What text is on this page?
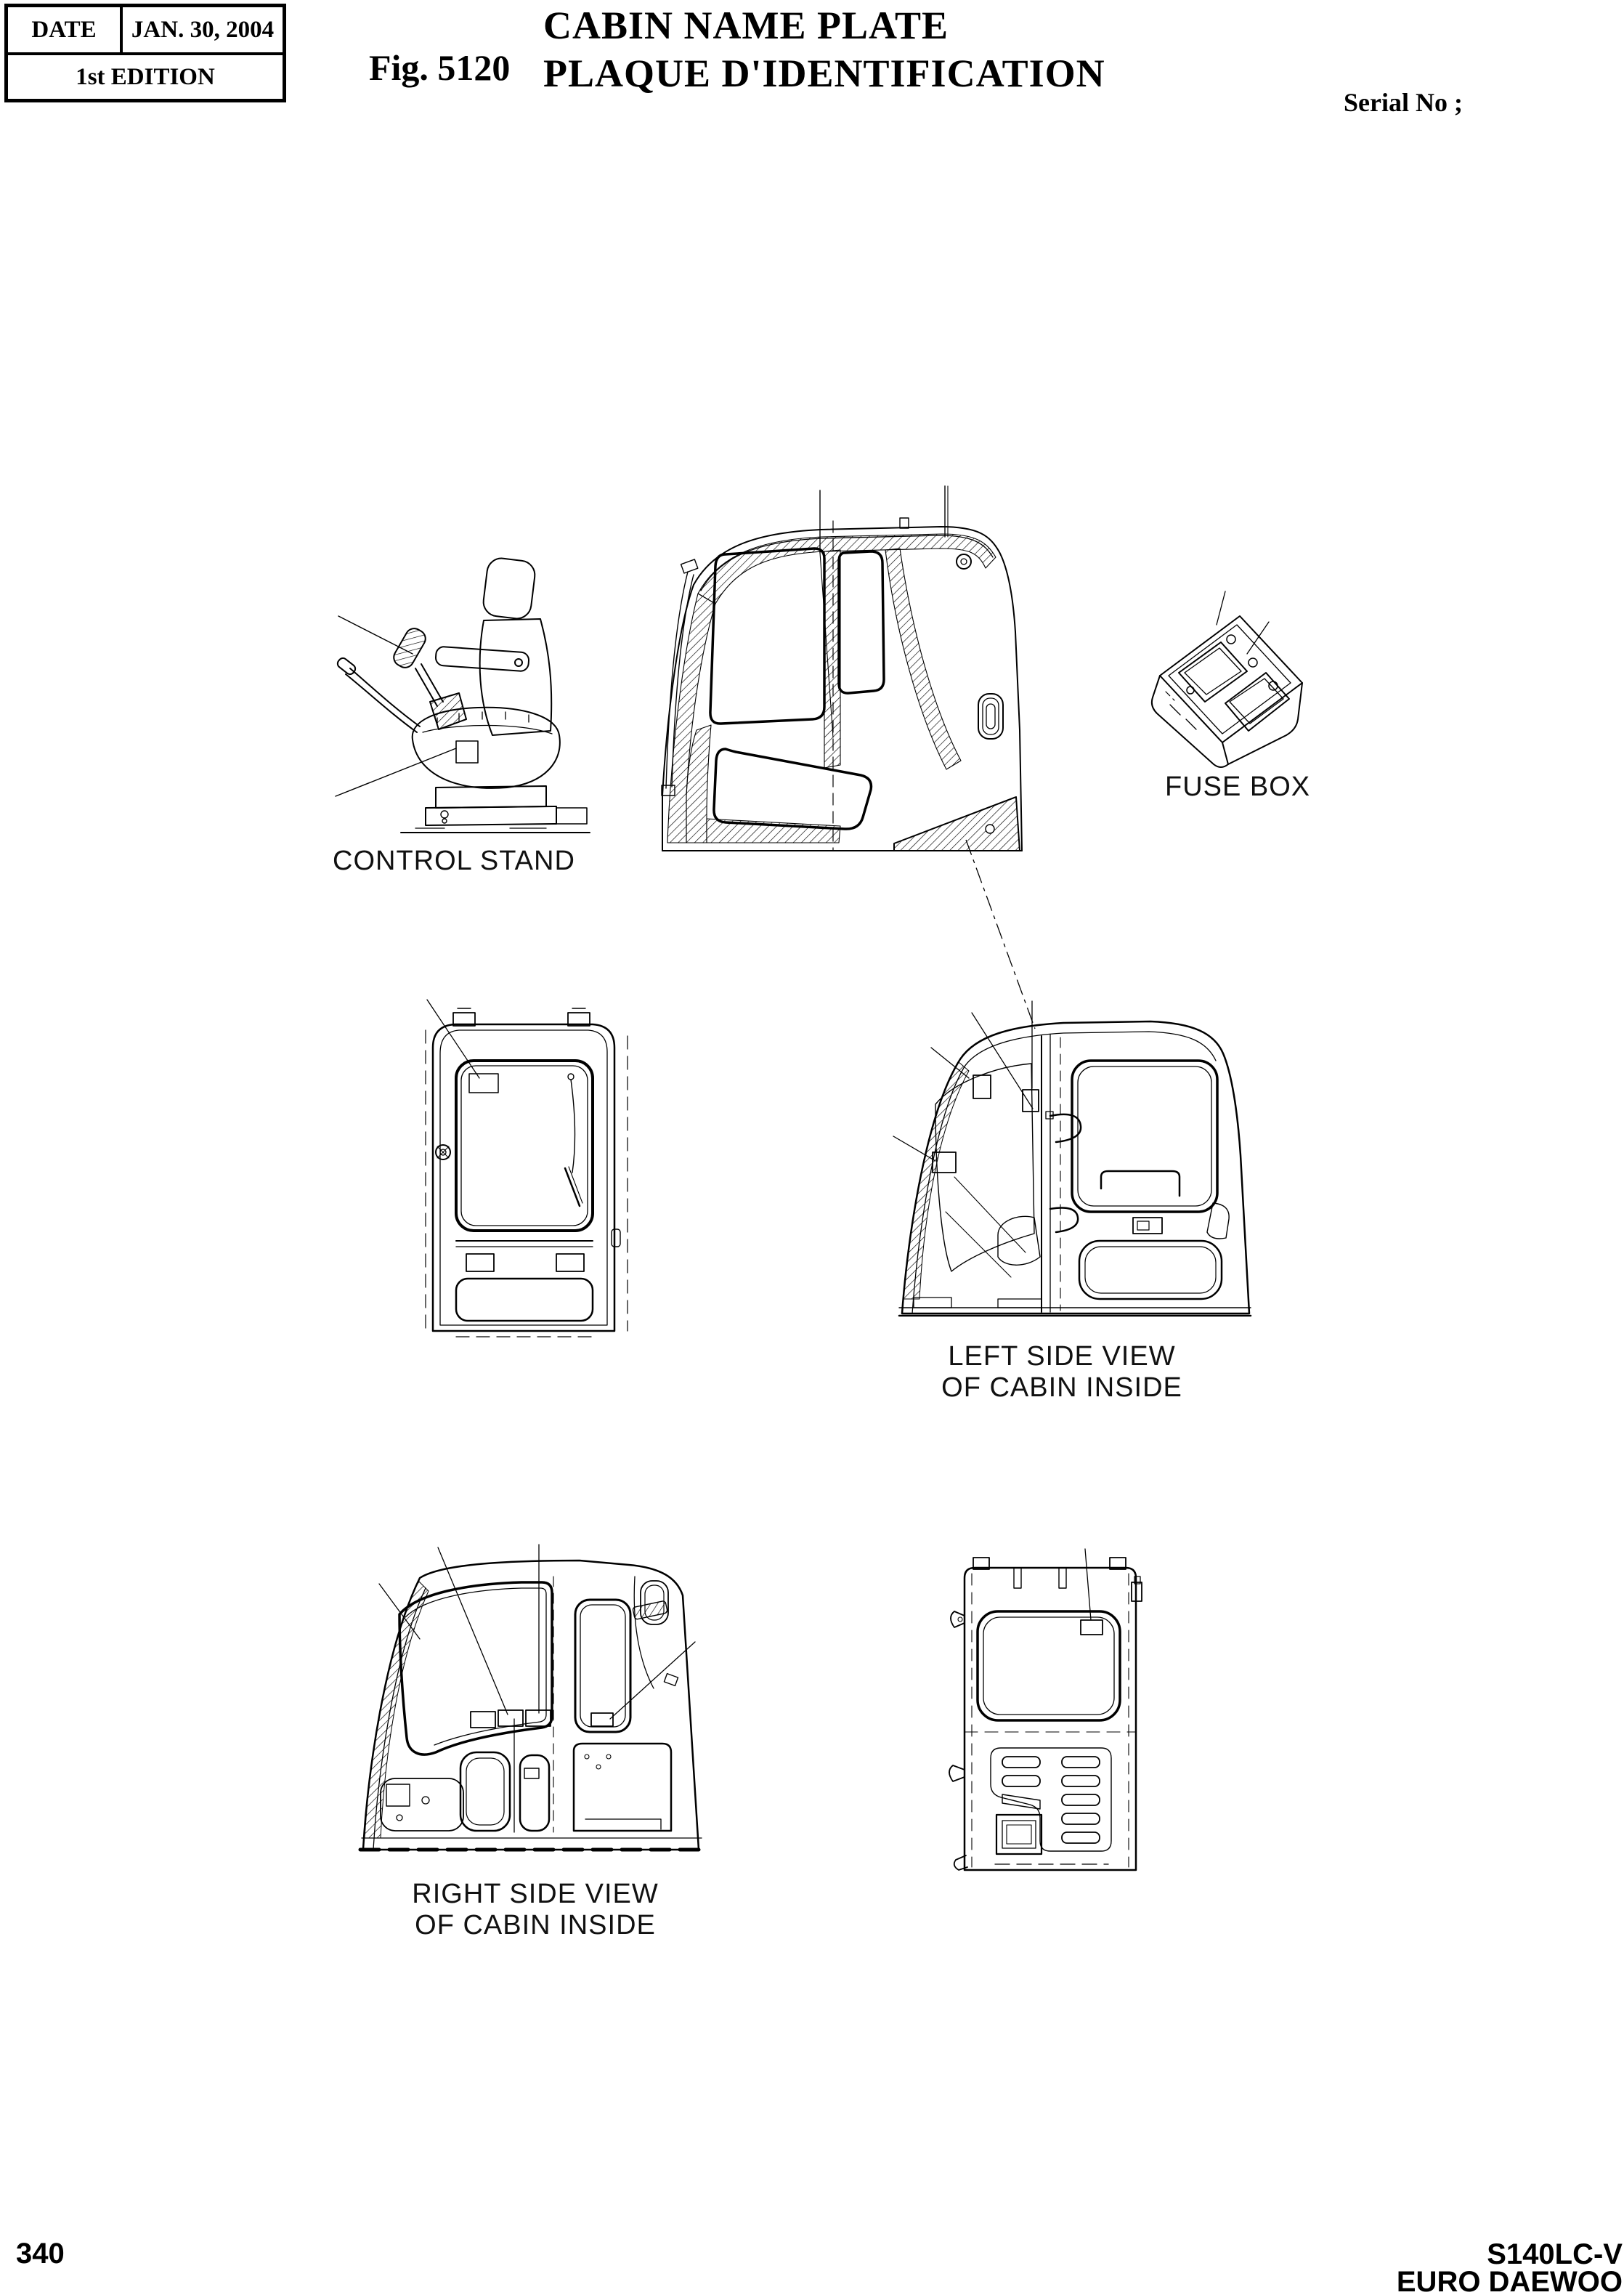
DATE	JAN. 30, 2004
1st EDITION	Fig. 5120
CABIN NAME PLATE
PLAQUE D'IDENTIFICATION
Serial No ;
CONTROL STAND
FUSE BOX
LEFT SIDE VIEW
OF CABIN INSIDE
RIGHT SIDE VIEW
OF CABIN INSIDE
340	S140LC-V
EURO DAEWOO
